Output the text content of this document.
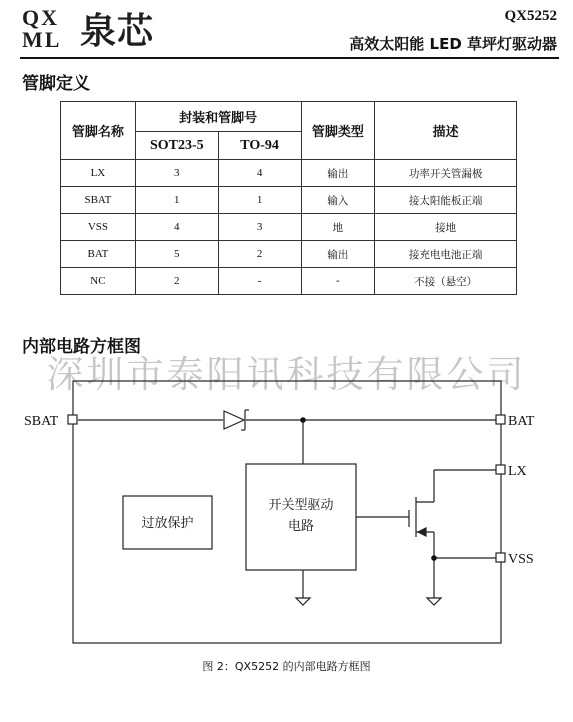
QX
ML 泉芯	QX5252
高效太阳能 LED 草坪灯驱动器
管脚定义
管脚名称	封装和管脚号		管脚类型	描述
	SOT23-5	TO-94		
LX	3	4	输出	功率开关管漏极
SBAT	1	1	输入	接太阳能板正端
VSS	4	3	地	接地
BAT	5	2	输出	接充电电池正端
NC	2	-	-	不接（悬空）
内部电路方框图
深圳市泰阳讯科技有限公司
SBAT	BAT
LX
VSS
过放保护
开关型驱动
电路
图 2：QX5252 的内部电路方框图
